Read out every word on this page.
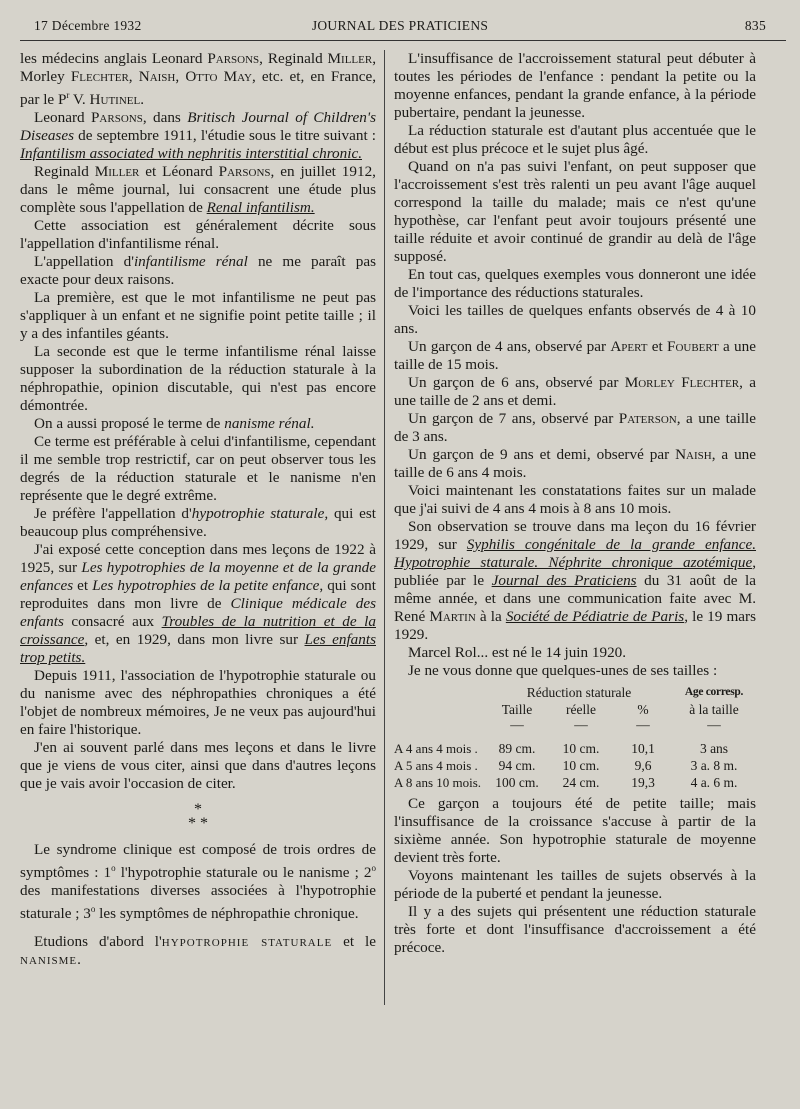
17 Décembre 1932	JOURNAL DES PRATICIENS	835

les médecins anglais Leonard Parsons, Reginald Miller, Morley Flechter, Naish, Otto May, etc. et, en France, par le $P^r$ V. Hutinel.

Leonard Parsons, dans Britisch Journal of Children's Diseases de septembre 1911, l'étudie sous le titre suivant : Infantilism associated with nephritis interstitial chronic.

Reginald Miller et Léonard Parsons, en juillet 1912, dans le même journal, lui consacrent une étude plus complète sous l'appellation de Renal infantilism.

Cette association est généralement décrite sous l'appellation d'infantilisme rénal.

L'appellation d'infantilisme rénal ne me paraît pas exacte pour deux raisons.

La première, est que le mot infantilisme ne peut pas s'appliquer à un enfant et ne signifie point petite taille ; il y a des infantiles géants.

La seconde est que le terme infantilisme rénal laisse supposer la subordination de la réduction staturale à la néphropathie, opinion discutable, qui n'est pas encore démontrée.

On a aussi proposé le terme de nanisme rénal.

Ce terme est préférable à celui d'infantilisme, cependant il me semble trop restrictif, car on peut observer tous les degrés de la réduction staturale et le nanisme n'en représente que le degré extrême.

Je préfère l'appellation d'hypotrophie staturale, qui est beaucoup plus compréhensive.

J'ai exposé cette conception dans mes leçons de 1922 à 1925, sur Les hypotrophies de la moyenne et de la grande enfances et Les hypotrophies de la petite enfance, qui sont reproduites dans mon livre de Clinique médicale des enfants consacré aux Troubles de la nutrition et de la croissance, et, en 1929, dans mon livre sur Les enfants trop petits.

Depuis 1911, l'association de l'hypotrophie staturale ou du nanisme avec des néphropathies chroniques a été l'objet de nombreux mémoires, Je ne veux pas aujourd'hui en faire l'historique.

J'en ai souvent parlé dans mes leçons et dans le livre que je viens de vous citer, ainsi que dans d'autres leçons que je vais avoir l'occasion de citer.

*
* *

Le syndrome clinique est composé de trois ordres de symptômes : 1$^o$ l'hypotrophie staturale ou le nanisme ; 2$^o$ des manifestations diverses associées à l'hypotrophie staturale ; 3$^o$ les symptômes de néphropathie chronique.

Etudions d'abord l'hypotrophie staturale et le nanisme.

L'insuffisance de l'accroissement statural peut débuter à toutes les périodes de l'enfance : pendant la petite ou la moyenne enfances, pendant la grande enfance, à la période pubertaire, pendant la jeunesse.

La réduction staturale est d'autant plus accentuée que le début est plus précoce et le sujet plus âgé.

Quand on n'a pas suivi l'enfant, on peut supposer que l'accroissement s'est très ralenti un peu avant l'âge auquel correspond la taille du malade; mais ce n'est qu'une hypothèse, car l'enfant peut avoir toujours présenté une taille réduite et avoir continué de grandir au delà de l'âge supposé.

En tout cas, quelques exemples vous donneront une idée de l'importance des réductions staturales.

Voici les tailles de quelques enfants observés de 4 à 10 ans.

Un garçon de 4 ans, observé par Apert et Foubert a une taille de 15 mois.

Un garçon de 6 ans, observé par Morley Flechter, a une taille de 2 ans et demi.

Un garçon de 7 ans, observé par Paterson, a une taille de 3 ans.

Un garçon de 9 ans et demi, observé par Naish, a une taille de 6 ans 4 mois.

Voici maintenant les constatations faites sur un malade que j'ai suivi de 4 ans 4 mois à 8 ans 10 mois.

Son observation se trouve dans ma leçon du 16 février 1929, sur Syphilis congénitale de la grande enfance. Hypotrophie staturale. Néphrite chronique azotémique, publiée par le Journal des Praticiens du 31 août de la même année, et dans une communication faite avec M. René Martin à la Société de Pédiatrie de Paris, le 19 mars 1929.

Marcel Rol... est né le 14 juin 1920.

Je ne vous donne que quelques-unes de ses tailles :

	Réduction staturale			Age corresp.
	Taille	réelle	%	à la taille
	—	—	—	—
A 4 ans 4 mois .	89 cm.	10 cm.	10,1	3 ans
A 5 ans 4 mois .	94 cm.	10 cm.	9,6	3 a. 8 m.
A 8 ans 10 mois.	100 cm.	24 cm.	19,3	4 a. 6 m.

Ce garçon a toujours été de petite taille; mais l'insuffisance de la croissance s'accuse à partir de la sixième année. Son hypotrophie staturale de moyenne devient très forte.

Voyons maintenant les tailles de sujets observés à la période de la puberté et pendant la jeunesse.

Il y a des sujets qui présentent une réduction staturale très forte et dont l'insuffisance d'accroissement a été précoce.
